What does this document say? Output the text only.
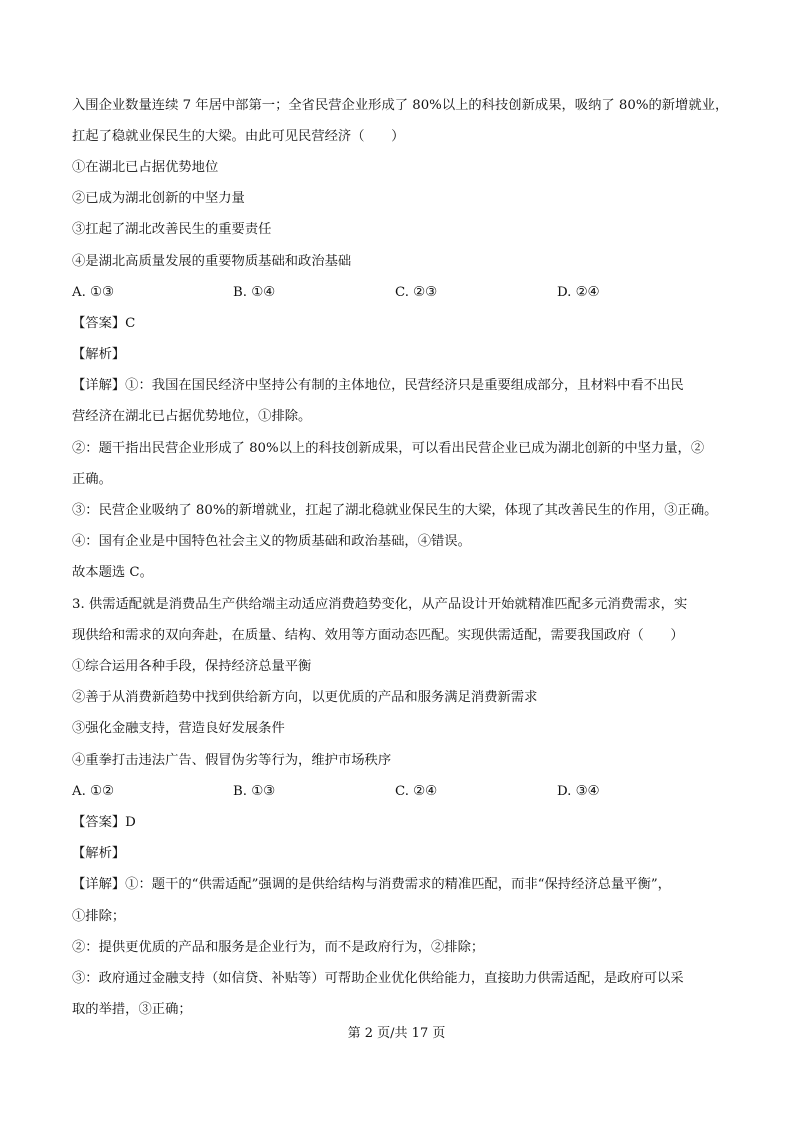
入围企业数量连续 7 年居中部第一；全省民营企业形成了 80%以上的科技创新成果，吸纳了 80%的新增就业，
扛起了稳就业保民生的大梁。由此可见民营经济（　　）
①在湖北已占据优势地位
②已成为湖北创新的中坚力量
③扛起了湖北改善民生的重要责任
④是湖北高质量发展的重要物质基础和政治基础
A. ①③	B. ①④	C. ②③	D. ②④
【答案】C
【解析】
【详解】①：我国在国民经济中坚持公有制的主体地位，民营经济只是重要组成部分，且材料中看不出民
营经济在湖北已占据优势地位，①排除。
②：题干指出民营企业形成了 80%以上的科技创新成果，可以看出民营企业已成为湖北创新的中坚力量，②
正确。
③：民营企业吸纳了 80%的新增就业，扛起了湖北稳就业保民生的大梁，体现了其改善民生的作用，③正确。
④：国有企业是中国特色社会主义的物质基础和政治基础，④错误。
故本题选 C。
3. 供需适配就是消费品生产供给端主动适应消费趋势变化，从产品设计开始就精准匹配多元消费需求，实
现供给和需求的双向奔赴，在质量、结构、效用等方面动态匹配。实现供需适配，需要我国政府（　　）
①综合运用各种手段，保持经济总量平衡
②善于从消费新趋势中找到供给新方向，以更优质的产品和服务满足消费新需求
③强化金融支持，营造良好发展条件
④重拳打击违法广告、假冒伪劣等行为，维护市场秩序
A. ①②	B. ①③	C. ②④	D. ③④
【答案】D
【解析】
【详解】①：题干的“供需适配”强调的是供给结构与消费需求的精准匹配，而非“保持经济总量平衡”，
①排除；
②：提供更优质的产品和服务是企业行为，而不是政府行为，②排除；
③：政府通过金融支持（如信贷、补贴等）可帮助企业优化供给能力，直接助力供需适配，是政府可以采
取的举措，③正确；
第 2 页/共 17 页
